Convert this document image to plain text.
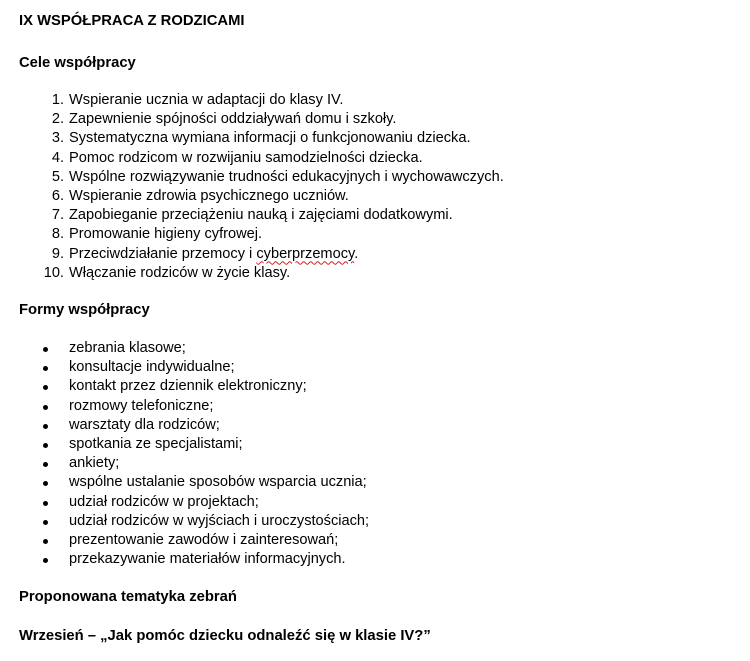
IX WSPÓŁPRACA Z RODZICAMI
Cele współpracy
1. Wspieranie ucznia w adaptacji do klasy IV.
2. Zapewnienie spójności oddziaływań domu i szkoły.
3. Systematyczna wymiana informacji o funkcjonowaniu dziecka.
4. Pomoc rodzicom w rozwijaniu samodzielności dziecka.
5. Wspólne rozwiązywanie trudności edukacyjnych i wychowawczych.
6. Wspieranie zdrowia psychicznego uczniów.
7. Zapobieganie przeciążeniu nauką i zajęciami dodatkowymi.
8. Promowanie higieny cyfrowej.
9. Przeciwdziałanie przemocy i cyberprzemocy.
10. Włączanie rodziców w życie klasy.
Formy współpracy
zebrania klasowe;
konsultacje indywidualne;
kontakt przez dziennik elektroniczny;
rozmowy telefoniczne;
warsztaty dla rodziców;
spotkania ze specjalistami;
ankiety;
wspólne ustalanie sposobów wsparcia ucznia;
udział rodziców w projektach;
udział rodziców w wyjściach i uroczystościach;
prezentowanie zawodów i zainteresowań;
przekazywanie materiałów informacyjnych.
Proponowana tematyka zebrań
Wrzesień – „Jak pomóc dziecku odnaleźć się w klasie IV?”
